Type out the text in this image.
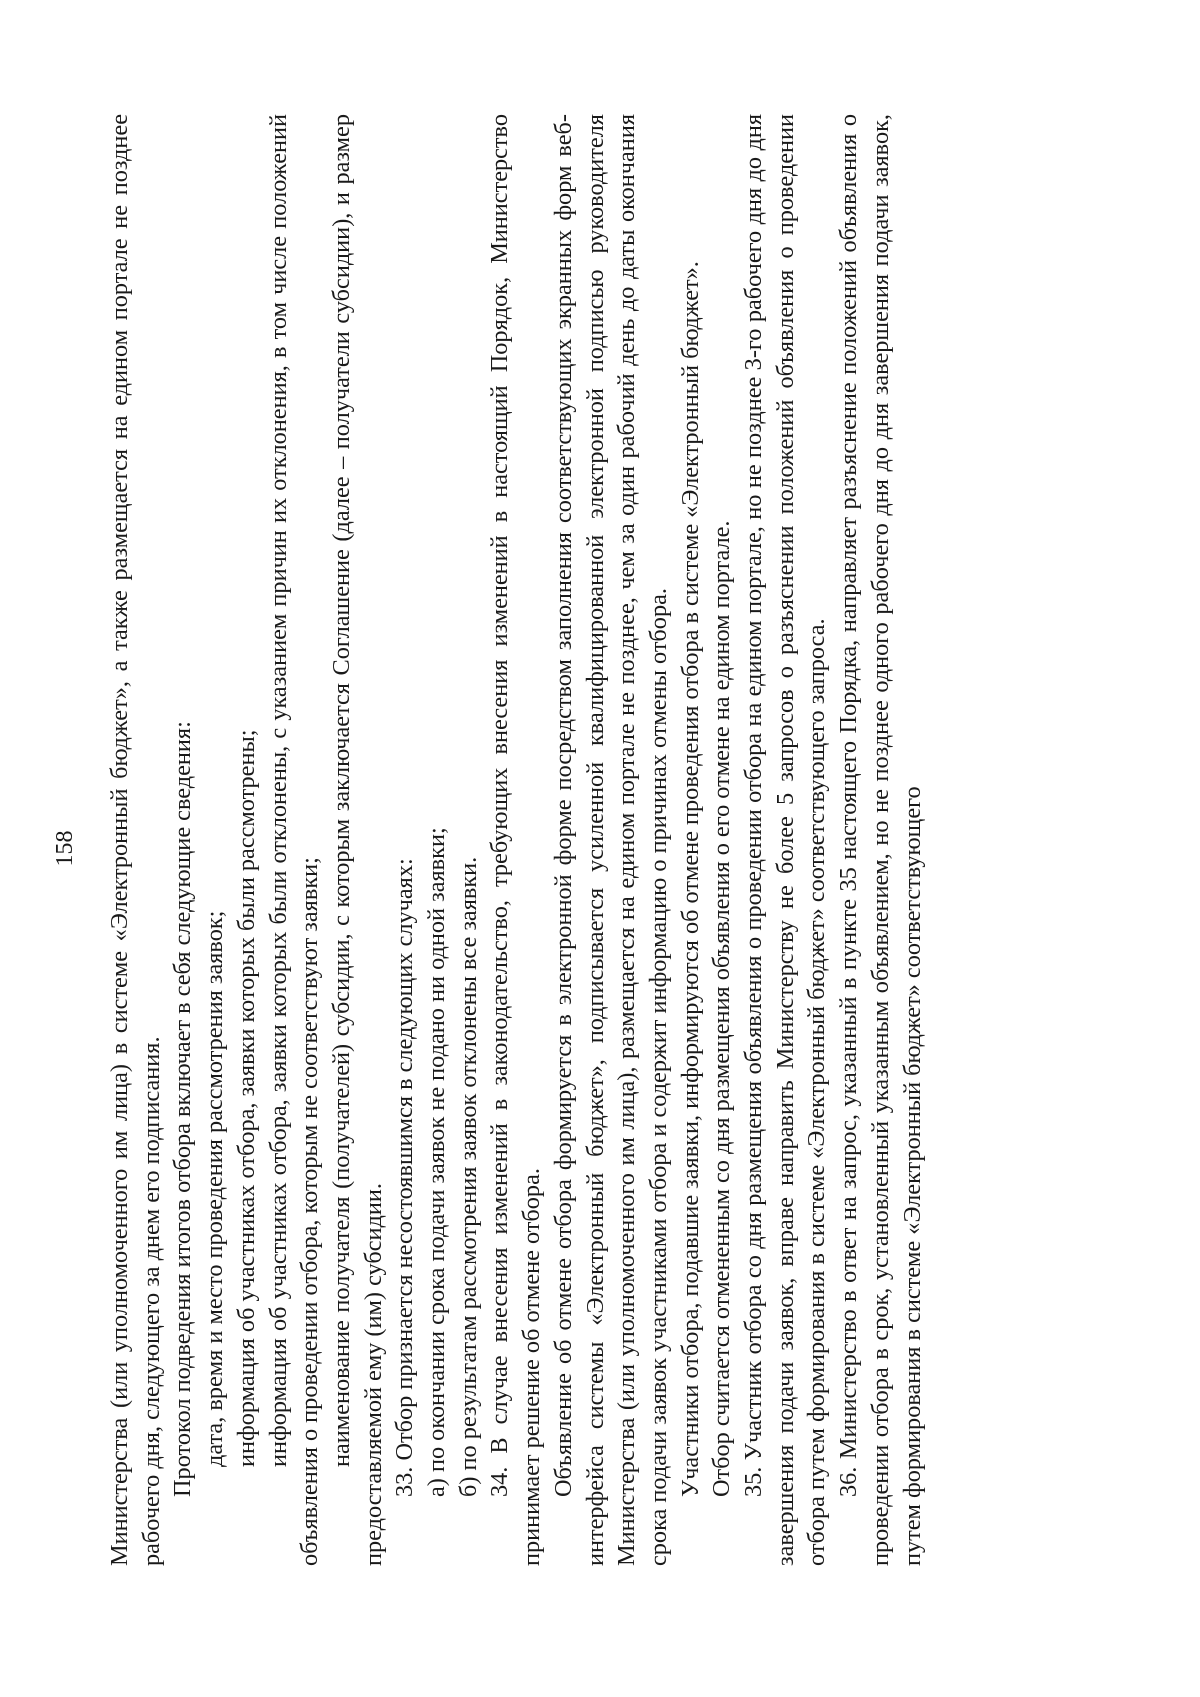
158 Министерства (или уполномоченного им лица) в системе «Электронный бюджет», а также размещается на едином портале не позднее рабочего дня, следующего за днем его подписания. Протокол подведения итогов отбора включает в себя следующие сведения: дата, время и место проведения рассмотрения заявок; информация об участниках отбора, заявки которых были рассмотрены; информация об участниках отбора, заявки которых были отклонены, с указанием причин их отклонения, в том числе положений объявления о проведении отбора, которым не соответствуют заявки; наименование получателя (получателей) субсидии, с которым заключается Соглашение (далее – получатели субсидии), и размер предоставляемой ему (им) субсидии. 33. Отбор признается несостоявшимся в следующих случаях: а) по окончании срока подачи заявок не подано ни одной заявки; б) по результатам рассмотрения заявок отклонены все заявки. 34. В случае внесения изменений в законодательство, требующих внесения изменений в настоящий Порядок, Министерство принимает решение об отмене отбора. Объявление об отмене отбора формируется в электронной форме посредством заполнения соответствующих экранных форм веб-интерфейса системы «Электронный бюджет», подписывается усиленной квалифицированной электронной подписью руководителя Министерства (или уполномоченного им лица), размещается на едином портале не позднее, чем за один рабочий день до даты окончания срока подачи заявок участниками отбора и содержит информацию о причинах отмены отбора. Участники отбора, подавшие заявки, информируются об отмене проведения отбора в системе «Электронный бюджет». Отбор считается отмененным со дня размещения объявления о его отмене на едином портале. 35. Участник отбора со дня размещения объявления о проведении отбора на едином портале, но не позднее 3-го рабочего дня до дня завершения подачи заявок, вправе направить Министерству не более 5 запросов о разъяснении положений объявления о проведении отбора путем формирования в системе «Электронный бюджет» соответствующего запроса. 36. Министерство в ответ на запрос, указанный в пункте 35 настоящего Порядка, направляет разъяснение положений объявления о проведении отбора в срок, установленный указанным объявлением, но не позднее одного рабочего дня до дня завершения подачи заявок, путем формирования в системе «Электронный бюджет» соответствующего
